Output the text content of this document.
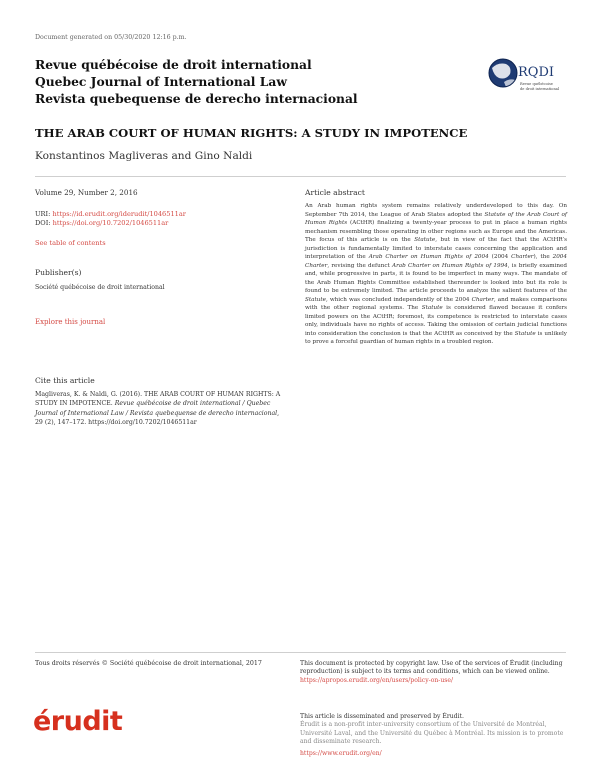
Document generated on 05/30/2020 12:16 p.m.
Revue québécoise de droit international
Quebec Journal of International Law
Revista quebequense de derecho internacional
RQDI
Revue québécoise
de droit international
THE ARAB COURT OF HUMAN RIGHTS: A STUDY IN IMPOTENCE
Konstantinos Magliveras and Gino Naldi
Volume 29, Number 2, 2016
URI: https://id.erudit.org/iderudit/1046511ar
DOI: https://doi.org/10.7202/1046511ar
See table of contents
Publisher(s)
Société québécoise de droit international
Explore this journal
Cite this article
Magliveras, K. & Naldi, G. (2016). THE ARAB COURT OF HUMAN RIGHTS: A STUDY IN IMPOTENCE. Revue québécoise de droit international / Quebec Journal of International Law / Revista quebequense de derecho internacional, 29 (2), 147–172. https://doi.org/10.7202/1046511ar
Article abstract
An Arab human rights system remains relatively underdeveloped to this day. On September 7th 2014, the League of Arab States adopted the Statute of the Arab Court of Human Rights (ACtHR) finalizing a twenty-year process to put in place a human rights mechanism resembling those operating in other regions such as Europe and the Americas. The focus of this article is on the Statute, but in view of the fact that the ACtHR’s jurisdiction is fundamentally limited to interstate cases concerning the application and interpretation of the Arab Charter on Human Rights of 2004 (2004 Charter), the 2004 Charter, revising the defunct Arab Charter on Human Rights of 1994, is briefly examined and, while progressive in parts, it is found to be imperfect in many ways. The mandate of the Arab Human Rights Committee established thereunder is looked into but its role is found to be extremely limited. The article proceeds to analyze the salient features of the Statute, which was concluded independently of the 2004 Charter, and makes comparisons with the other regional systems. The Statute is considered flawed because it confers limited powers on the ACtHR; foremost, its competence is restricted to interstate cases only, individuals have no rights of access. Taking the omission of certain judicial functions into consideration the conclusion is that the ACtHR as conceived by the Statute is unlikely to prove a forceful guardian of human rights in a troubled region.
Tous droits réservés © Société québécoise de droit international, 2017	This document is protected by copyright law. Use of the services of Érudit (including reproduction) is subject to its terms and conditions, which can be viewed online.
https://apropos.erudit.org/en/users/policy-on-use/
érudit	This article is disseminated and preserved by Érudit.
Érudit is a non-profit inter-university consortium of the Université de Montréal, Université Laval, and the Université du Québec à Montréal. Its mission is to promote and disseminate research.
https://www.erudit.org/en/
